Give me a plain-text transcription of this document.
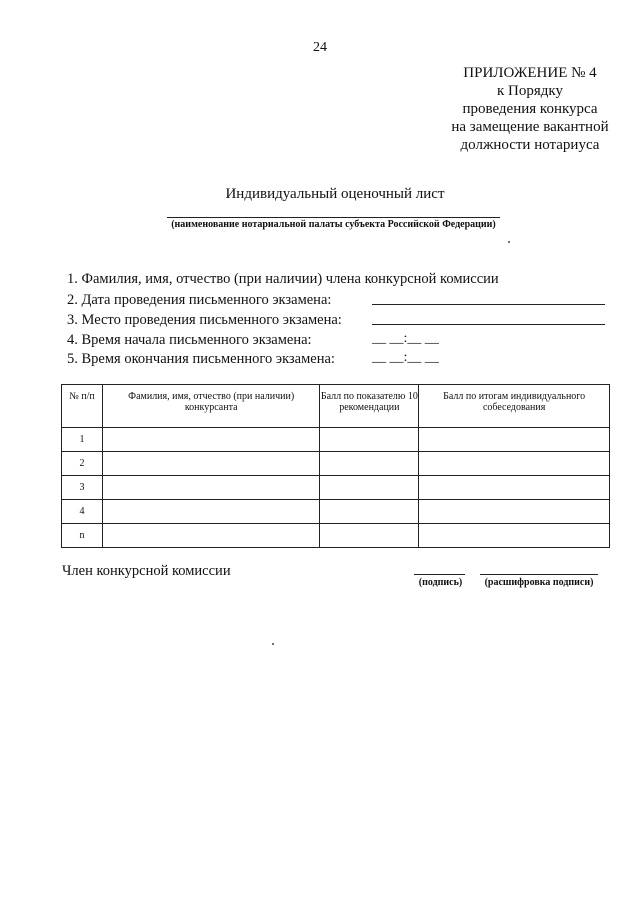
24
ПРИЛОЖЕНИЕ № 4
к Порядку
проведения конкурса
на замещение вакантной
должности нотариуса
Индивидуальный оценочный лист
(наименование нотариальной палаты субъекта Российской Федерации)
1. Фамилия, имя, отчество (при наличии) члена конкурсной комиссии
2. Дата проведения письменного экзамена:
3. Место проведения письменного экзамена:
4. Время начала письменного экзамена:	__ __:__ __
5. Время окончания письменного экзамена:	__ __:__ __
№ п/п	Фамилия, имя, отчество (при наличии) конкурсанта	Балл по показателю 10 рекомендации	Балл по итогам индивидуального собеседования
1			
2			
3			
4			
n			
Член конкурсной комиссии
(подпись)	(расшифровка подписи)
